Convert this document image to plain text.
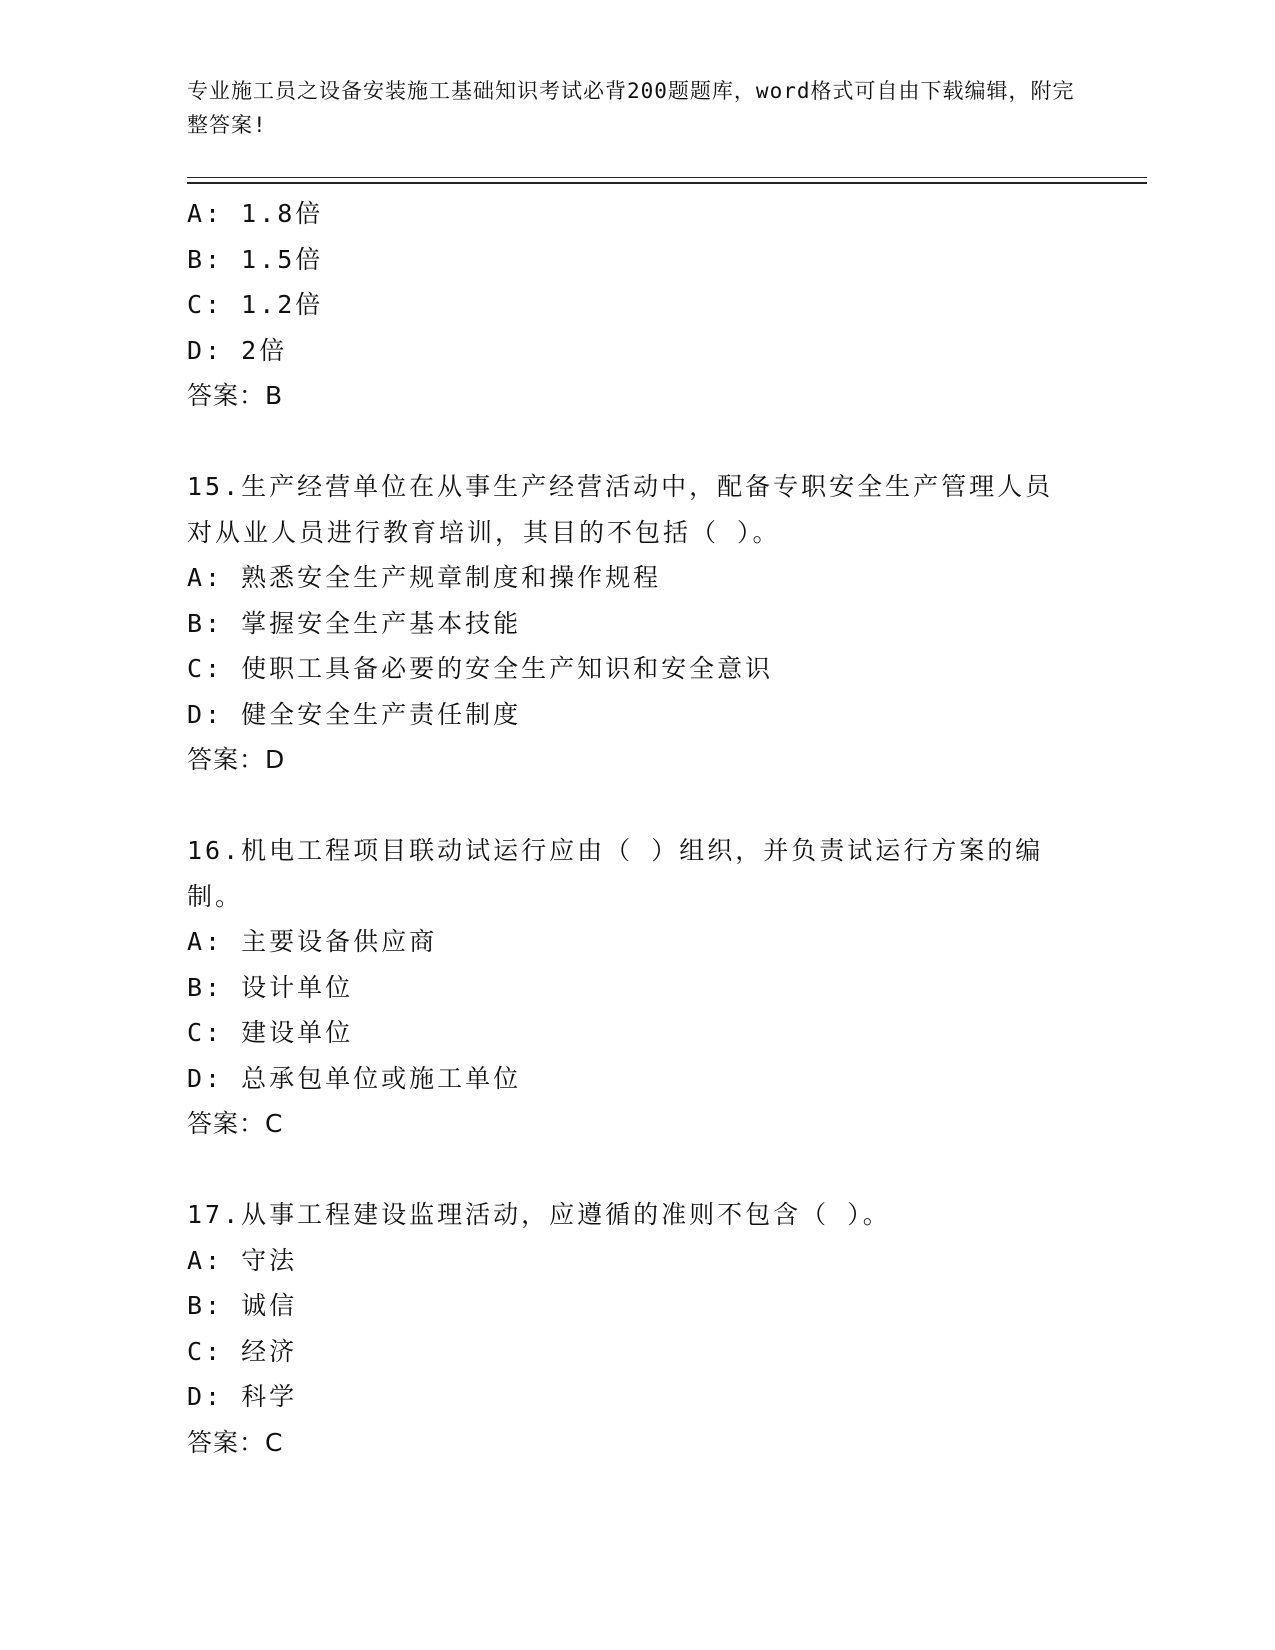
专业施工员之设备安装施工基础知识考试必背200题题库，word格式可自由下载编辑，附完整答案!
A: 1.8倍
B: 1.5倍
C: 1.2倍
D: 2倍
答案：B
15.生产经营单位在从事生产经营活动中，配备专职安全生产管理人员对从业人员进行教育培训，其目的不包括（ ）。
A: 熟悉安全生产规章制度和操作规程
B: 掌握安全生产基本技能
C: 使职工具备必要的安全生产知识和安全意识
D: 健全安全生产责任制度
答案：D
16.机电工程项目联动试运行应由（ ）组织，并负责试运行方案的编制。
A: 主要设备供应商
B: 设计单位
C: 建设单位
D: 总承包单位或施工单位
答案：C
17.从事工程建设监理活动，应遵循的准则不包含（ ）。
A: 守法
B: 诚信
C: 经济
D: 科学
答案：C
